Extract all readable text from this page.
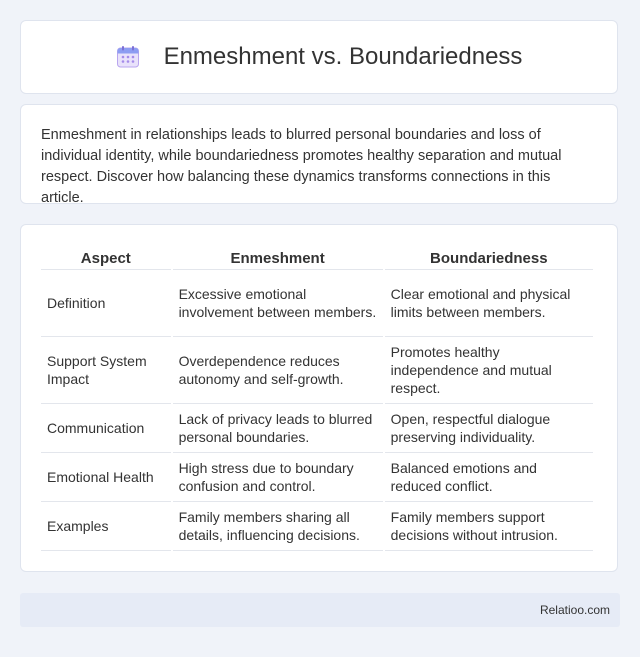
Enmeshment vs. Boundariedness

Enmeshment in relationships leads to blurred personal boundaries and loss of individual identity, while boundariedness promotes healthy separation and mutual respect. Discover how balancing these dynamics transforms connections in this article.

Aspect	Enmeshment	Boundariedness
Definition	Excessive emotional involvement between members.	Clear emotional and physical limits between members.
Support System Impact	Overdependence reduces autonomy and self-growth.	Promotes healthy independence and mutual respect.
Communication	Lack of privacy leads to blurred personal boundaries.	Open, respectful dialogue preserving individuality.
Emotional Health	High stress due to boundary confusion and control.	Balanced emotions and reduced conflict.
Examples	Family members sharing all details, influencing decisions.	Family members support decisions without intrusion.
Relatioo.com
